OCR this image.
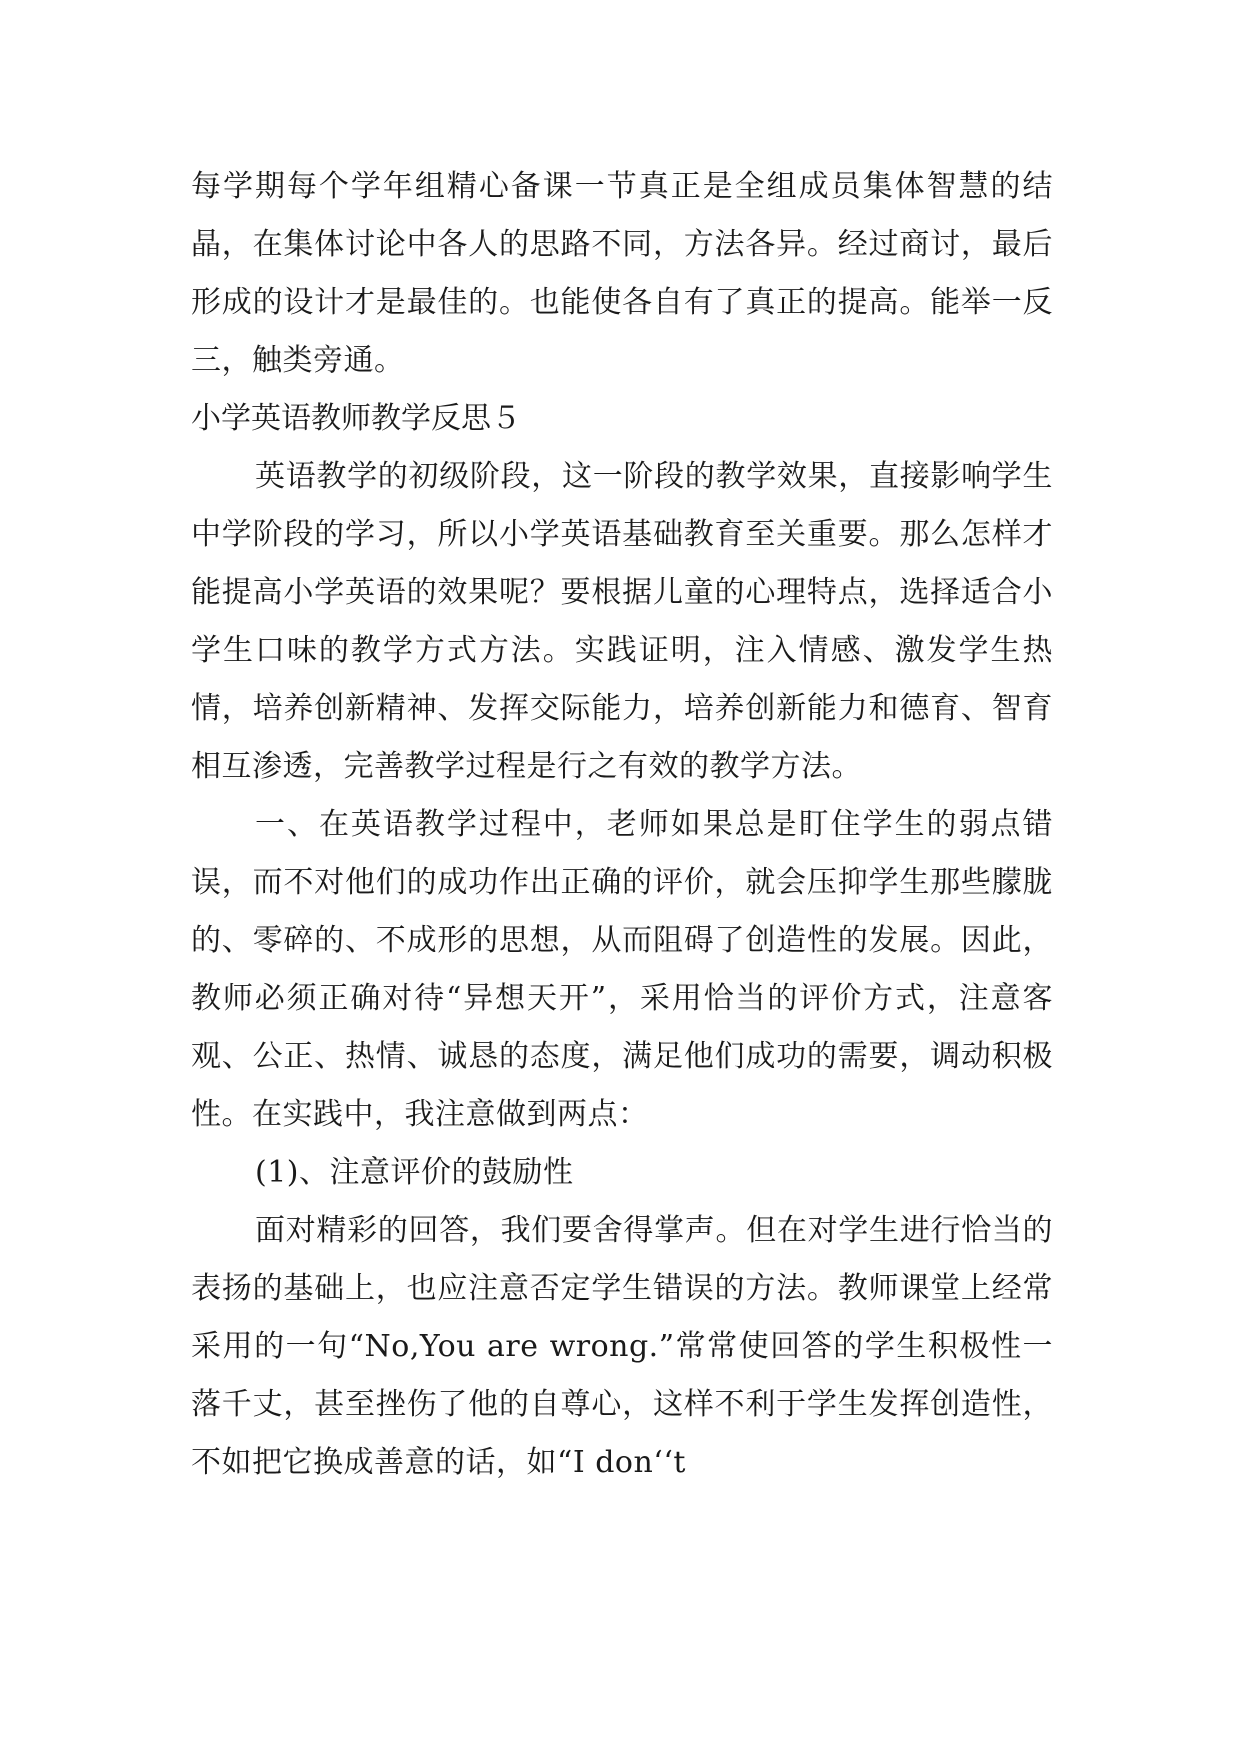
每学期每个学年组精心备课一节真正是全组成员集体智慧的结晶，在集体讨论中各人的思路不同，方法各异。经过商讨，最后形成的设计才是最佳的。也能使各自有了真正的提高。能举一反三，触类旁通。

小学英语教师教学反思５

英语教学的初级阶段，这一阶段的教学效果，直接影响学生中学阶段的学习，所以小学英语基础教育至关重要。那么怎样才能提高小学英语的效果呢？要根据儿童的心理特点，选择适合小学生口味的教学方式方法。实践证明，注入情感、激发学生热情，培养创新精神、发挥交际能力，培养创新能力和德育、智育相互渗透，完善教学过程是行之有效的教学方法。

一、在英语教学过程中，老师如果总是盯住学生的弱点错误，而不对他们的成功作出正确的评价，就会压抑学生那些朦胧的、零碎的、不成形的思想，从而阻碍了创造性的发展。因此，教师必须正确对待“异想天开”，采用恰当的评价方式，注意客观、公正、热情、诚恳的态度，满足他们成功的需要，调动积极性。在实践中，我注意做到两点：

(1)、注意评价的鼓励性

面对精彩的回答，我们要舍得掌声。但在对学生进行恰当的表扬的基础上，也应注意否定学生错误的方法。教师课堂上经常采用的一句“No,You are wrong.”常常使回答的学生积极性一落千丈，甚至挫伤了他的自尊心，这样不利于学生发挥创造性，不如把它换成善意的话，如“I don‘‘t
